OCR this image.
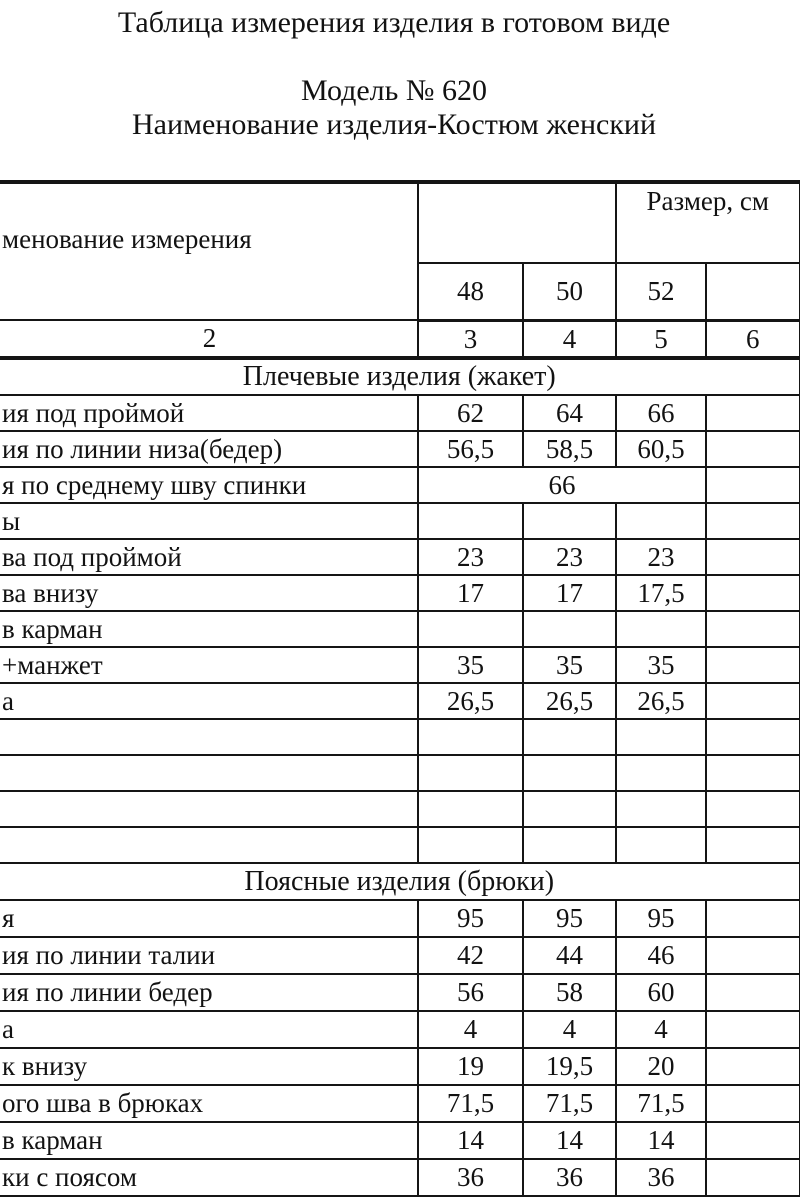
Таблица измерения изделия в готовом виде
Модель № 620
Наименование изделия-Костюм женский
менование измерения			Размер, см	
	48	50	52	
2	3	4	5	6
Плечевые изделия (жакет)				
ия под проймой	62	64	66	
ия по линии низа(бедер)	56,5	58,5	60,5	
я по среднему шву спинки	66			
ы				
ва под проймой	23	23	23	
ва внизу	17	17	17,5	
в карман				
+манжет	35	35	35	
а	26,5	26,5	26,5	

Поясные изделия (брюки)				
я	95	95	95	
ия по линии талии	42	44	46	
ия по линии бедер	56	58	60	
а	4	4	4	
к внизу	19	19,5	20	
ого шва в брюках	71,5	71,5	71,5	
в карман	14	14	14	
ки с поясом	36	36	36	
